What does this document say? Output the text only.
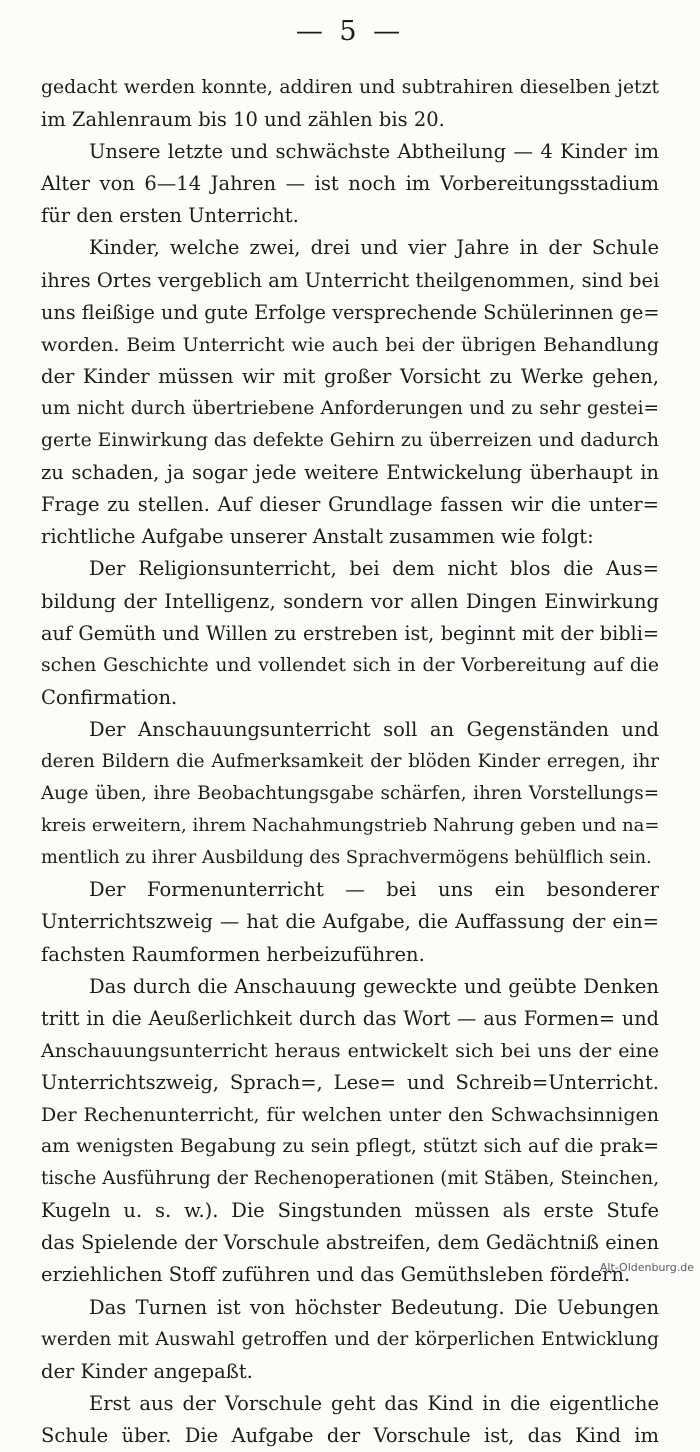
— 5 —
gedacht werden konnte, addiren und subtrahiren dieselben jetzt
im Zahlenraum bis 10 und zählen bis 20.
Unsere letzte und schwächste Abtheilung — 4 Kinder im
Alter von 6—14 Jahren — ist noch im Vorbereitungsstadium
für den ersten Unterricht.
Kinder, welche zwei, drei und vier Jahre in der Schule
ihres Ortes vergeblich am Unterricht theilgenommen, sind bei
uns fleißige und gute Erfolge versprechende Schülerinnen ge=
worden. Beim Unterricht wie auch bei der übrigen Behandlung
der Kinder müssen wir mit großer Vorsicht zu Werke gehen,
um nicht durch übertriebene Anforderungen und zu sehr gestei=
gerte Einwirkung das defekte Gehirn zu überreizen und dadurch
zu schaden, ja sogar jede weitere Entwickelung überhaupt in
Frage zu stellen. Auf dieser Grundlage fassen wir die unter=
richtliche Aufgabe unserer Anstalt zusammen wie folgt:
Der Religionsunterricht, bei dem nicht blos die Aus=
bildung der Intelligenz, sondern vor allen Dingen Einwirkung
auf Gemüth und Willen zu erstreben ist, beginnt mit der bibli=
schen Geschichte und vollendet sich in der Vorbereitung auf die
Confirmation.
Der Anschauungsunterricht soll an Gegenständen und
deren Bildern die Aufmerksamkeit der blöden Kinder erregen, ihr
Auge üben, ihre Beobachtungsgabe schärfen, ihren Vorstellungs=
kreis erweitern, ihrem Nachahmungstrieb Nahrung geben und na=
mentlich zu ihrer Ausbildung des Sprachvermögens behülflich sein.
Der Formenunterricht — bei uns ein besonderer
Unterrichtszweig — hat die Aufgabe, die Auffassung der ein=
fachsten Raumformen herbeizuführen.
Das durch die Anschauung geweckte und geübte Denken
tritt in die Aeußerlichkeit durch das Wort — aus Formen= und
Anschauungsunterricht heraus entwickelt sich bei uns der eine
Unterrichtszweig, Sprach=, Lese= und Schreib=Unterricht.
Der Rechenunterricht, für welchen unter den Schwachsinnigen
am wenigsten Begabung zu sein pflegt, stützt sich auf die prak=
tische Ausführung der Rechenoperationen (mit Stäben, Steinchen,
Kugeln u. s. w.). Die Singstunden müssen als erste Stufe
das Spielende der Vorschule abstreifen, dem Gedächtniß einen
erziehlichen Stoff zuführen und das Gemüthsleben fördern.
Das Turnen ist von höchster Bedeutung. Die Uebungen
werden mit Auswahl getroffen und der körperlichen Entwicklung
der Kinder angepaßt.
Erst aus der Vorschule geht das Kind in die eigentliche
Schule über. Die Aufgabe der Vorschule ist, das Kind im
Alt-Oldenburg.de
